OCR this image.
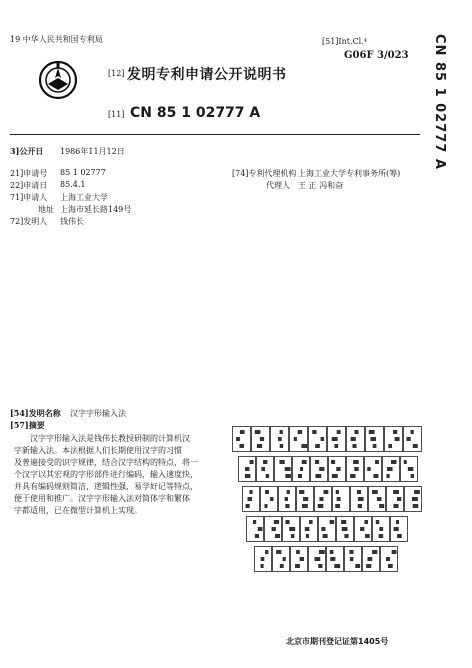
19 中华人民共和国专利局	[51]Int.Cl.⁴
G06F 3/023
[12] 发明专利申请公开说明书
[11] CN 85 1 02777 A	CN 85 1 02777 A
3]公开日 1986年11月12日
21]申请号 85 1 02777
22]申请日 85.4.1
71]申请人 上海工业大学
地址 上海市延长路149号
72]发明人 钱伟长
[74]专利代理机构 上海工业大学专利事务所(筹)
代理人 王 正 冯和奋
[54]发明名称 汉字字形输入法
[57]摘要

汉字字形输入法是钱伟长教授研制的计算机汉

字新输入法。本法根据人们长期使用汉字的习惯

及普遍接受的识字规律，结合汉字结构的特点，将一

个汉字以其宏观的字形部件进行编码，输入速度快，

并具有编码规则简洁，逻辑性强，易学好记等特点，

便于使用和推广。汉字字形输入法对简体字和繁体

字都适用，已在微型计算机上实现。

北京市期刊登记证第1405号
